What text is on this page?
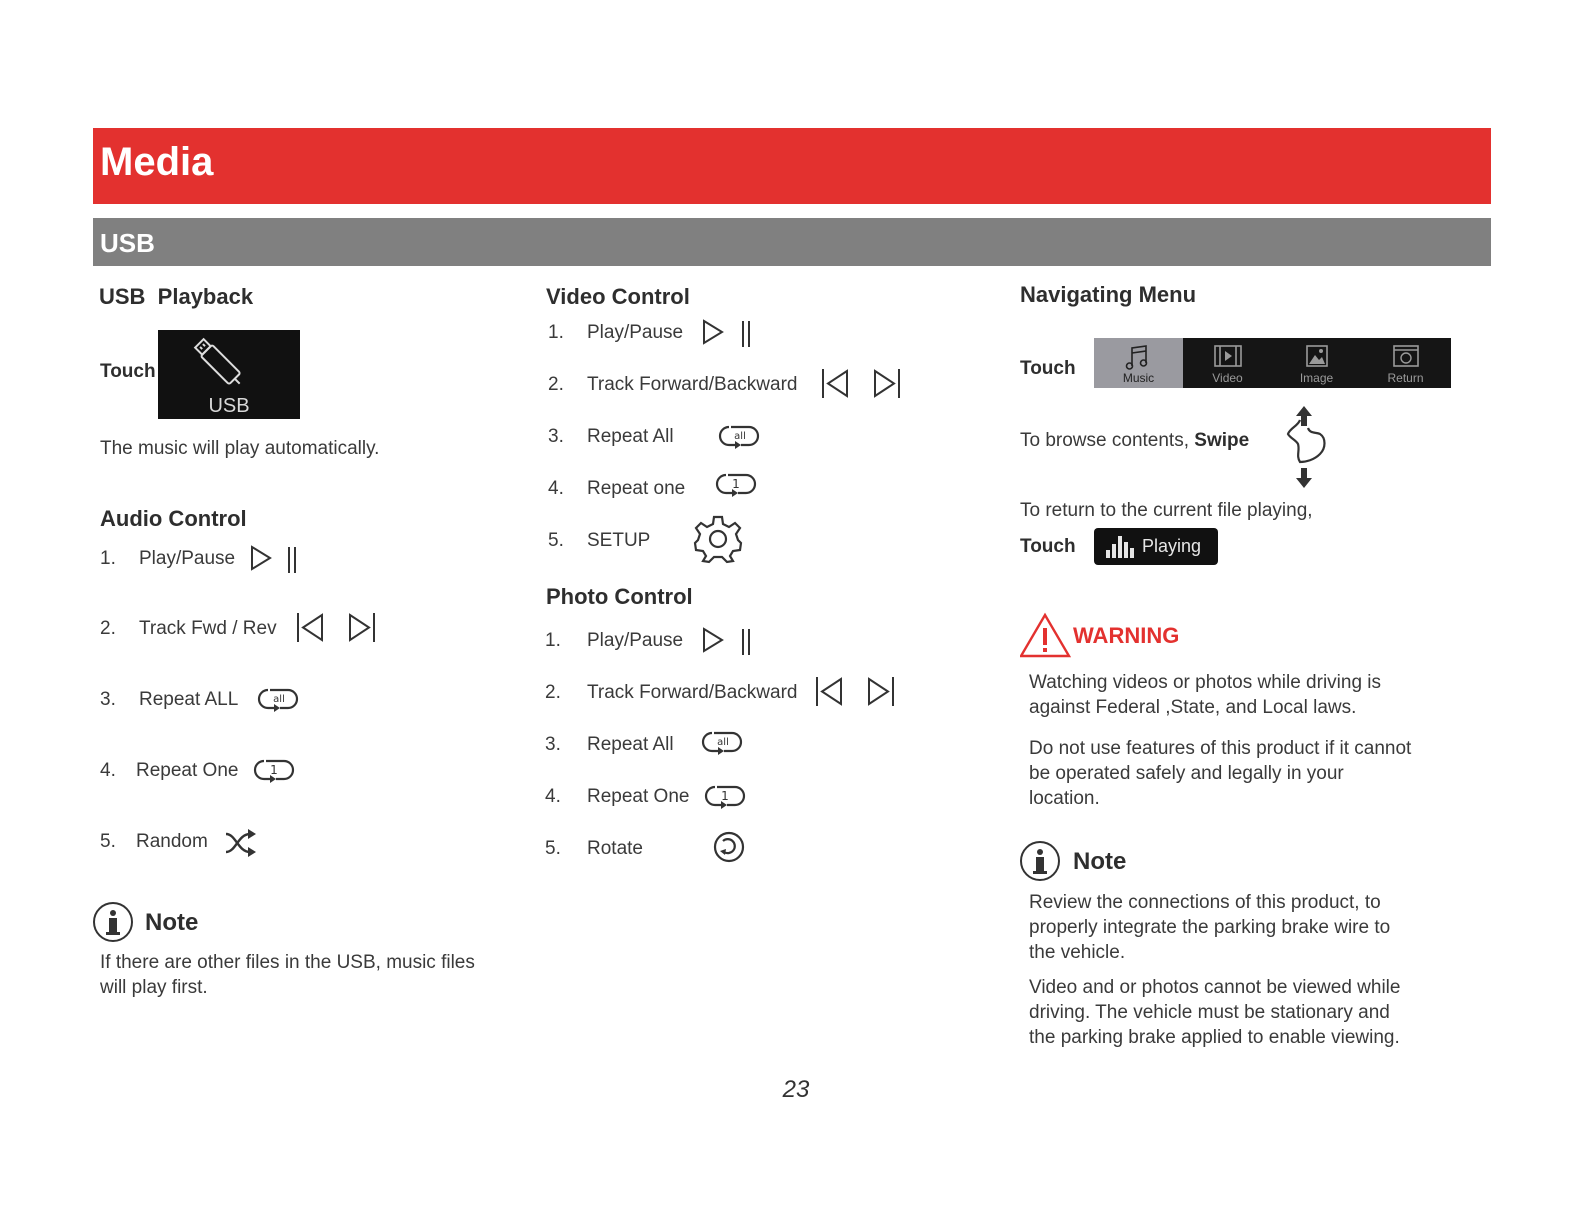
Media
USB
USB  Playback
Touch
USB
The music will play automatically.
Audio Control
1. Play/Pause
2. Track Fwd / Rev
3. Repeat ALL	all
4. Repeat One	1
5. Random
Note
If there are other files in the USB, music files
will play first.
Video Control
1. Play/Pause
2. Track Forward/Backward
3. Repeat All	all
4. Repeat one	1
5. SETUP
Photo Control
1. Play/Pause
2. Track Forward/Backward
3. Repeat All	all
4. Repeat One	1
5. Rotate
Navigating Menu
Touch	Music	Video	Image	Return
To browse contents, Swipe
To return to the current file playing,
Touch	Playing
WARNING
Watching videos or photos while driving is
against Federal ,State, and Local laws.
Do not use features of this product if it cannot
be operated safely and legally in your
location.
Note
Review the connections of this product, to
properly integrate the parking brake wire to
the vehicle.
Video and or photos cannot be viewed while
driving. The vehicle must be stationary and
the parking brake applied to enable viewing.
23
